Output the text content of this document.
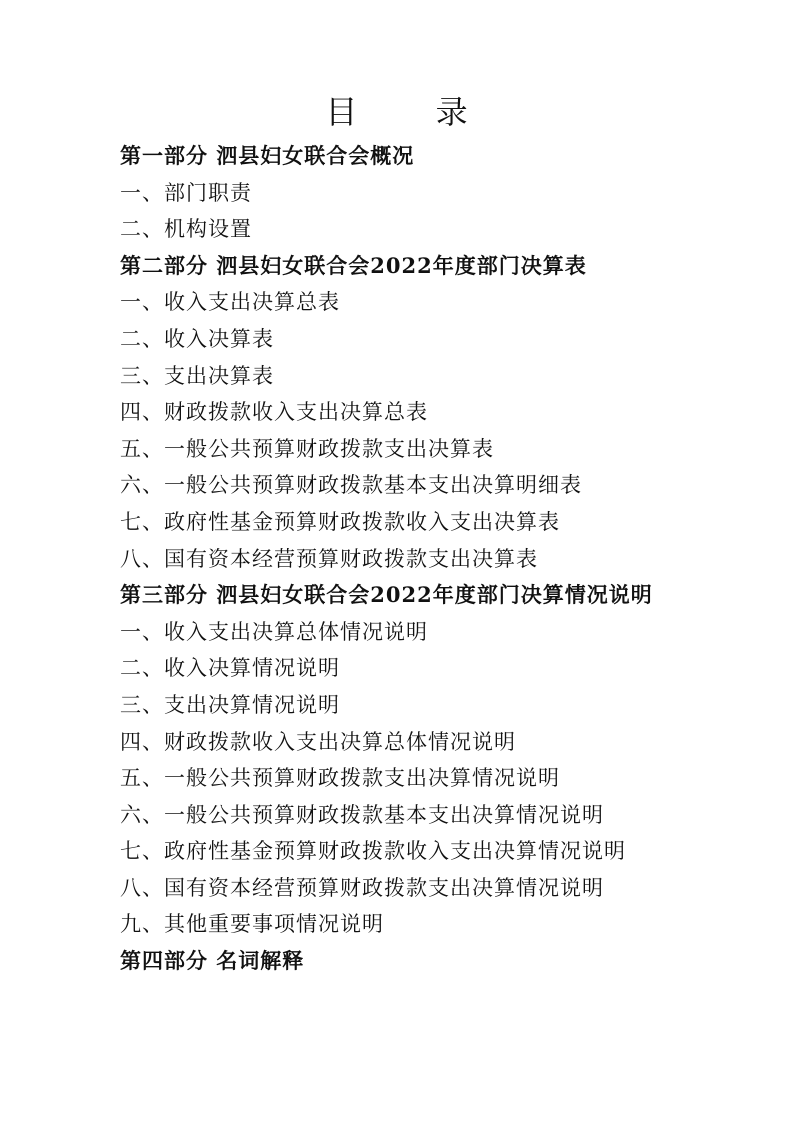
目 录
第一部分 泗县妇女联合会概况
一、部门职责
二、机构设置
第二部分 泗县妇女联合会2022年度部门决算表
一、收入支出决算总表
二、收入决算表
三、支出决算表
四、财政拨款收入支出决算总表
五、一般公共预算财政拨款支出决算表
六、一般公共预算财政拨款基本支出决算明细表
七、政府性基金预算财政拨款收入支出决算表
八、国有资本经营预算财政拨款支出决算表
第三部分 泗县妇女联合会2022年度部门决算情况说明
一、收入支出决算总体情况说明
二、收入决算情况说明
三、支出决算情况说明
四、财政拨款收入支出决算总体情况说明
五、一般公共预算财政拨款支出决算情况说明
六、一般公共预算财政拨款基本支出决算情况说明
七、政府性基金预算财政拨款收入支出决算情况说明
八、国有资本经营预算财政拨款支出决算情况说明
九、其他重要事项情况说明
第四部分 名词解释
